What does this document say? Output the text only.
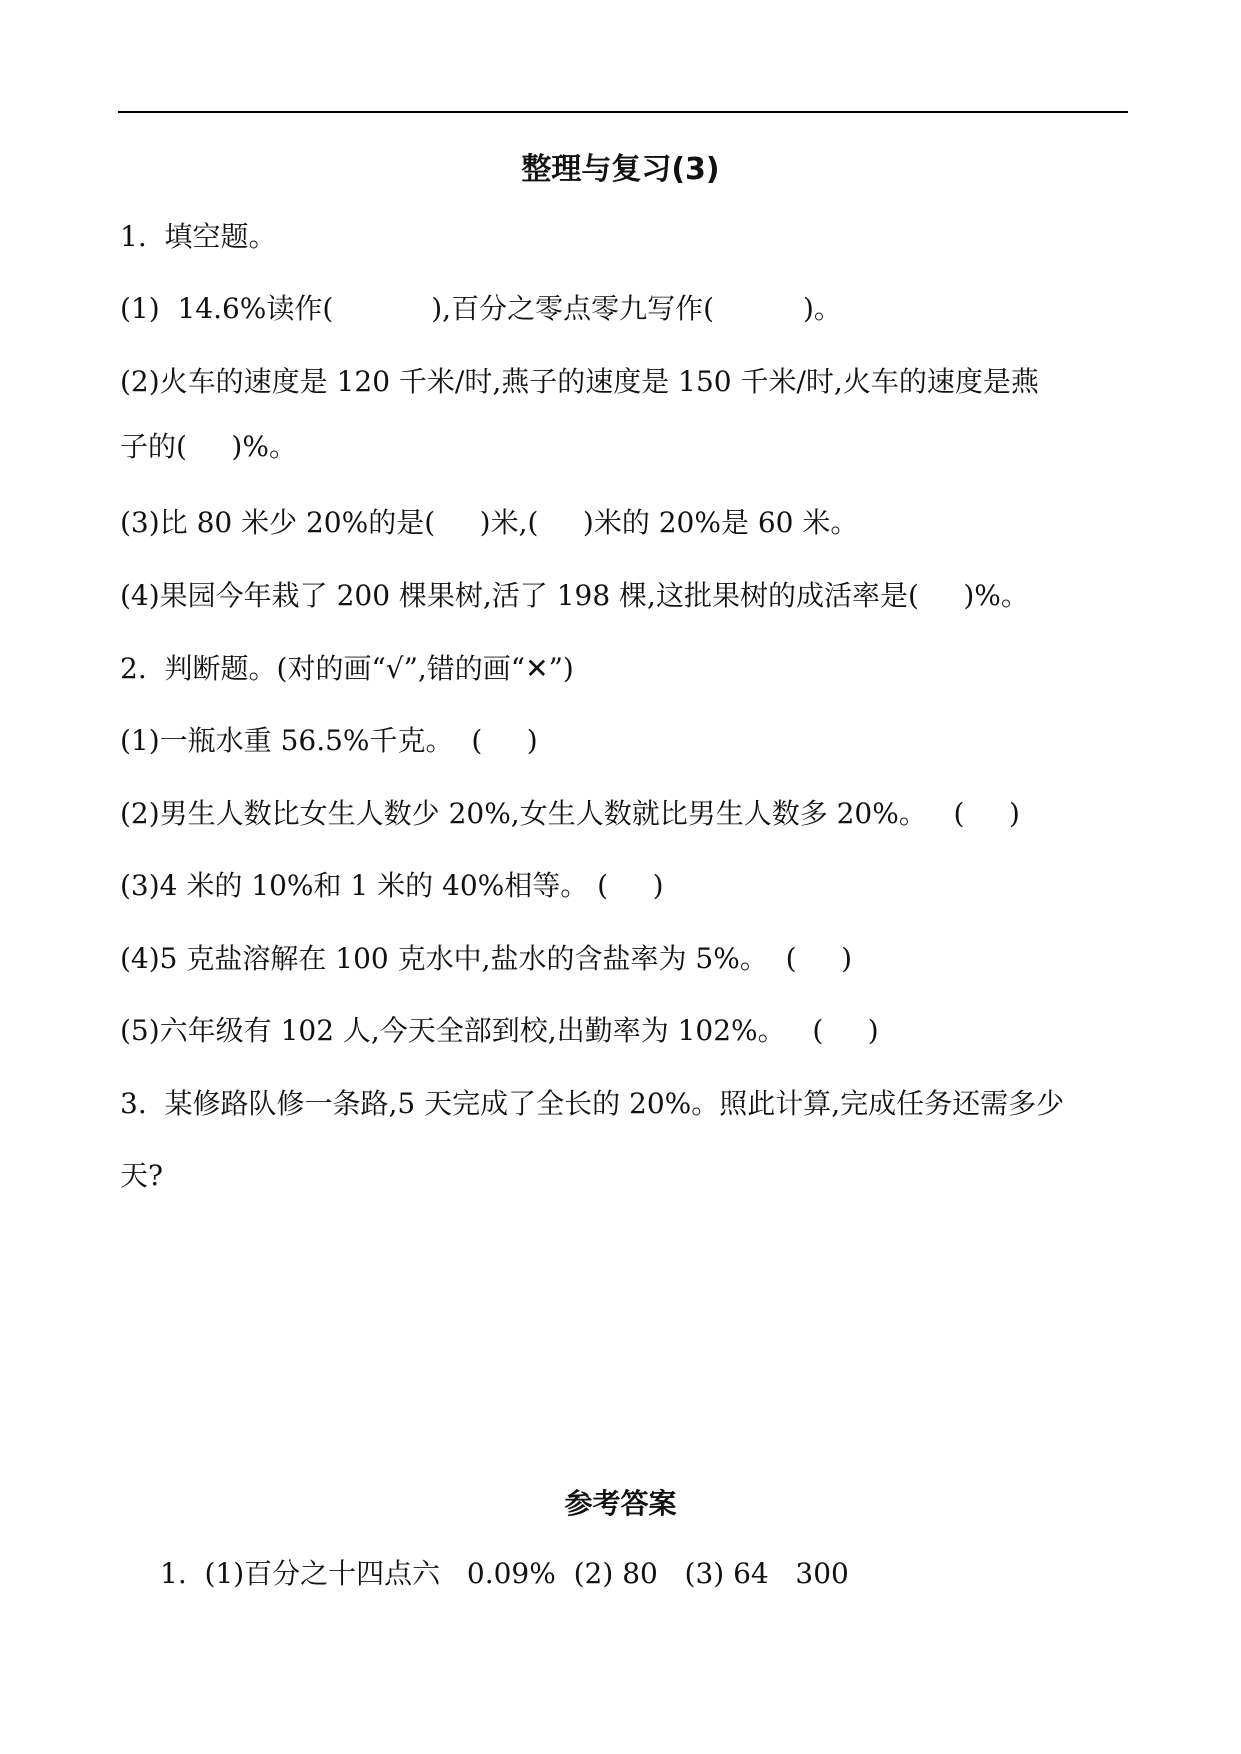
整理与复习(3)
1.  填空题。
(1)  14.6%读作(           ),百分之零点零九写作(          )。
(2)火车的速度是 120 千米/时,燕子的速度是 150 千米/时,火车的速度是燕
子的(     )%。
(3)比 80 米少 20%的是(     )米,(     )米的 20%是 60 米。
(4)果园今年栽了 200 棵果树,活了 198 棵,这批果树的成活率是(     )%。
2.  判断题。(对的画“√”,错的画“✕”)
(1)一瓶水重 56.5%千克。  (     )
(2)男生人数比女生人数少 20%,女生人数就比男生人数多 20%。   (     )
(3)4 米的 10%和 1 米的 40%相等。 (     )
(4)5 克盐溶解在 100 克水中,盐水的含盐率为 5%。  (     )
(5)六年级有 102 人,今天全部到校,出勤率为 102%。   (     )
3.  某修路队修一条路,5 天完成了全长的 20%。照此计算,完成任务还需多少
天?
参考答案
1.  (1)百分之十四点六   0.09%  (2) 80   (3) 64   300
